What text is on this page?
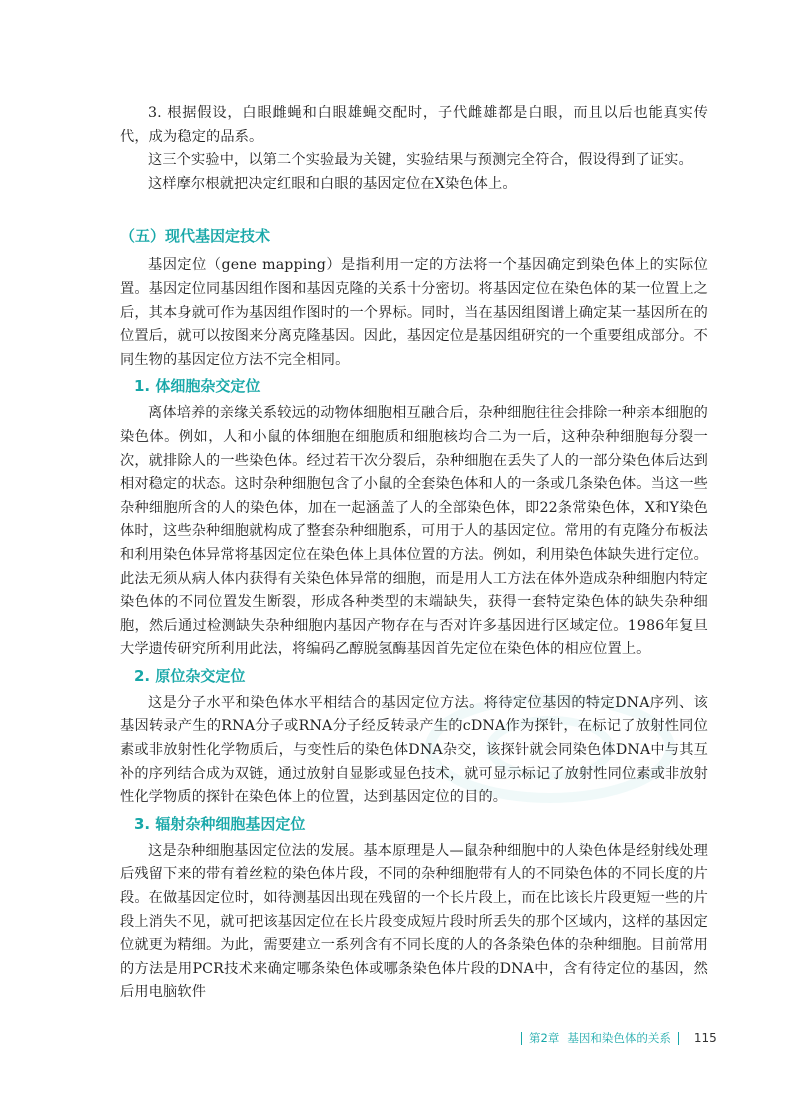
3. 根据假设，白眼雌蝇和白眼雄蝇交配时，子代雌雄都是白眼，而且以后也能真实传代，成为稳定的品系。

这三个实验中，以第二个实验最为关键，实验结果与预测完全符合，假设得到了证实。

这样摩尔根就把决定红眼和白眼的基因定位在X染色体上。

（五）现代基因定技术

基因定位（gene mapping）是指利用一定的方法将一个基因确定到染色体上的实际位置。基因定位同基因组作图和基因克隆的关系十分密切。将基因定位在染色体的某一位置上之后，其本身就可作为基因组作图时的一个界标。同时，当在基因组图谱上确定某一基因所在的位置后，就可以按图来分离克隆基因。因此，基因定位是基因组研究的一个重要组成部分。不同生物的基因定位方法不完全相同。

1. 体细胞杂交定位

离体培养的亲缘关系较远的动物体细胞相互融合后，杂种细胞往往会排除一种亲本细胞的染色体。例如，人和小鼠的体细胞在细胞质和细胞核均合二为一后，这种杂种细胞每分裂一次，就排除人的一些染色体。经过若干次分裂后，杂种细胞在丢失了人的一部分染色体后达到相对稳定的状态。这时杂种细胞包含了小鼠的全套染色体和人的一条或几条染色体。当这一些杂种细胞所含的人的染色体，加在一起涵盖了人的全部染色体，即22条常染色体，X和Y染色体时，这些杂种细胞就构成了整套杂种细胞系，可用于人的基因定位。常用的有克隆分布板法和利用染色体异常将基因定位在染色体上具体位置的方法。例如，利用染色体缺失进行定位。此法无须从病人体内获得有关染色体异常的细胞，而是用人工方法在体外造成杂种细胞内特定染色体的不同位置发生断裂，形成各种类型的末端缺失，获得一套特定染色体的缺失杂种细胞，然后通过检测缺失杂种细胞内基因产物存在与否对许多基因进行区域定位。1986年复旦大学遗传研究所利用此法，将编码乙醇脱氢酶基因首先定位在染色体的相应位置上。

2. 原位杂交定位

这是分子水平和染色体水平相结合的基因定位方法。将待定位基因的特定DNA序列、该基因转录产生的RNA分子或RNA分子经反转录产生的cDNA作为探针，在标记了放射性同位素或非放射性化学物质后，与变性后的染色体DNA杂交，该探针就会同染色体DNA中与其互补的序列结合成为双链，通过放射自显影或显色技术，就可显示标记了放射性同位素或非放射性化学物质的探针在染色体上的位置，达到基因定位的目的。

3. 辐射杂种细胞基因定位

这是杂种细胞基因定位法的发展。基本原理是人—鼠杂种细胞中的人染色体是经射线处理后残留下来的带有着丝粒的染色体片段，不同的杂种细胞带有人的不同染色体的不同长度的片段。在做基因定位时，如待测基因出现在残留的一个长片段上，而在比该长片段更短一些的片段上消失不见，就可把该基因定位在长片段变成短片段时所丢失的那个区域内，这样的基因定位就更为精细。为此，需要建立一系列含有不同长度的人的各条染色体的杂种细胞。目前常用的方法是用PCR技术来确定哪条染色体或哪条染色体片段的DNA中，含有待定位的基因，然后用电脑软件

第2章 基因和染色体的关系 115
